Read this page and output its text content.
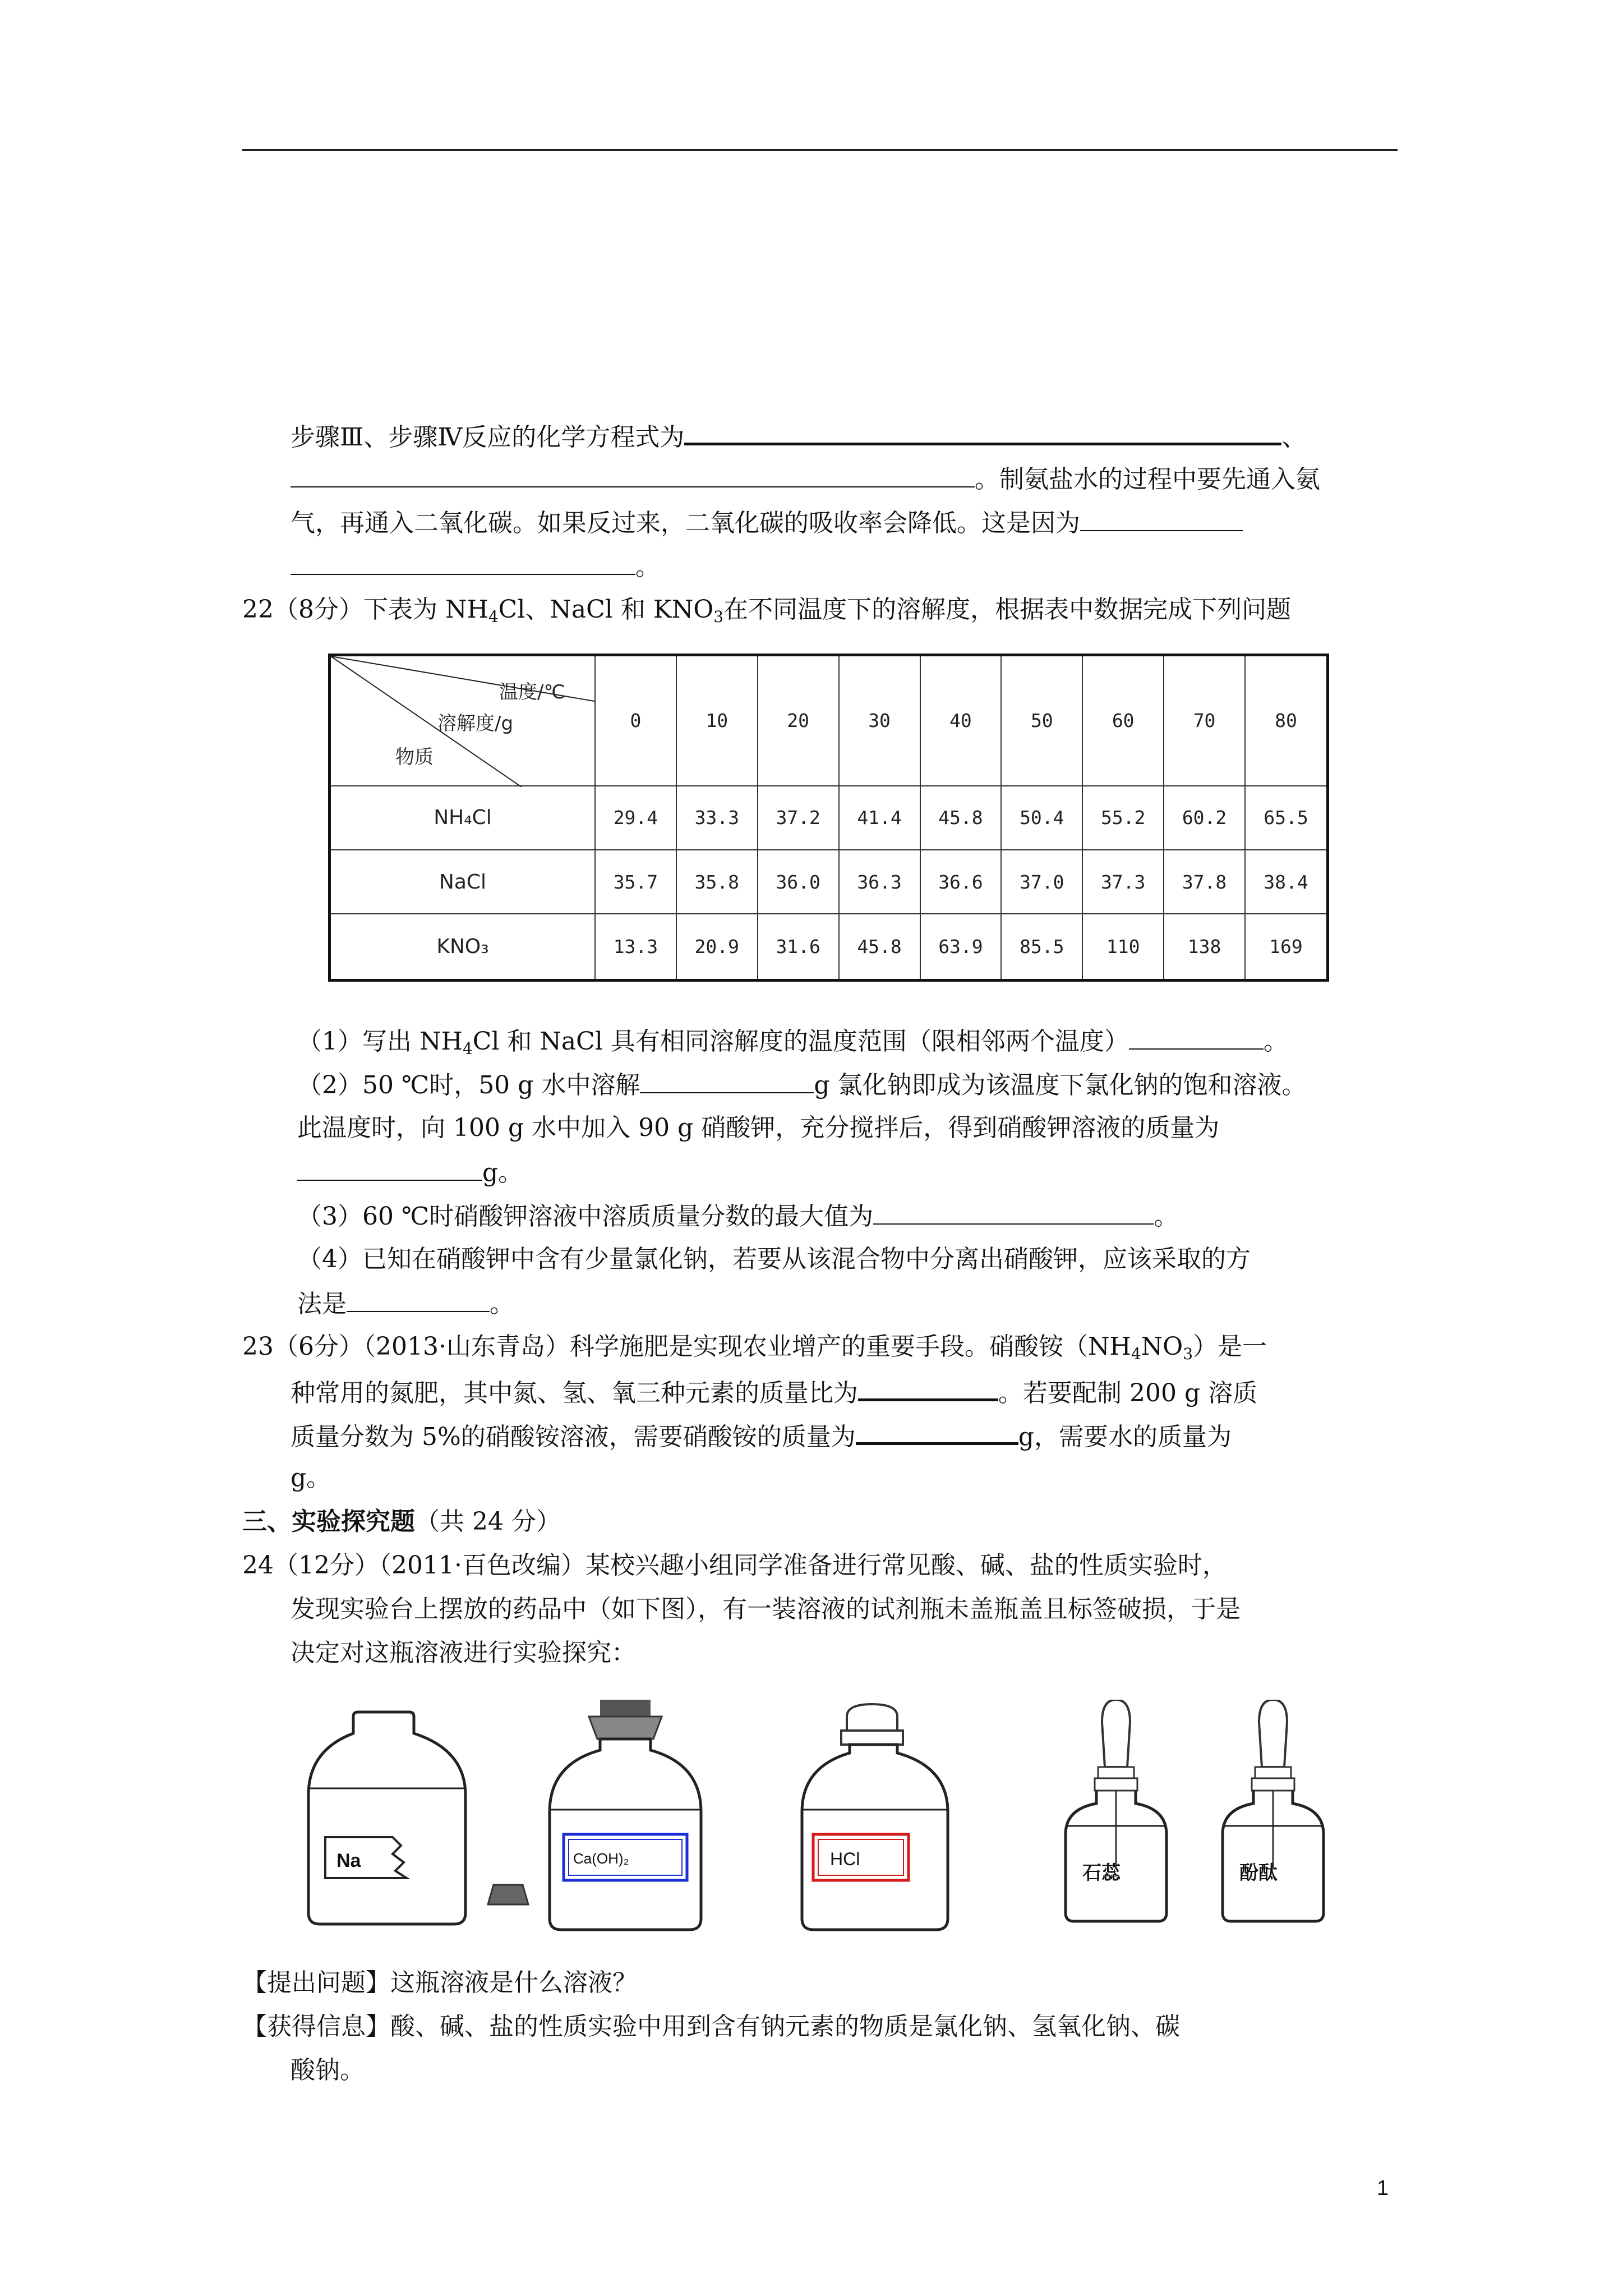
步骤Ⅲ、步骤Ⅳ反应的化学方程式为	、
。制氨盐水的过程中要先通入氨
气，再通入二氧化碳。如果反过来，二氧化碳的吸收率会降低。这是因为
。
22（8分）下表为 $NH_4Cl$、NaCl 和 $KNO_3$在不同温度下的溶解度，根据表中数据完成下列问题
温度/℃
溶解度/g
物质	0	10	20	30	40	50	60	70	80
NH₄Cl	29.4	33.3	37.2	41.4	45.8	50.4	55.2	60.2	65.5
NaCl	35.7	35.8	36.0	36.3	36.6	37.0	37.3	37.8	38.4
KNO₃	13.3	20.9	31.6	45.8	63.9	85.5	110	138	169
（1）写出 $NH_4Cl$ 和 NaCl 具有相同溶解度的温度范围（限相邻两个温度）	。
（2）50 ℃时，50 g 水中溶解	g 氯化钠即成为该温度下氯化钠的饱和溶液。
此温度时，向 100 g 水中加入 90 g 硝酸钾，充分搅拌后，得到硝酸钾溶液的质量为
g。
（3）60 ℃时硝酸钾溶液中溶质质量分数的最大值为	。
（4）已知在硝酸钾中含有少量氯化钠，若要从该混合物中分离出硝酸钾，应该采取的方
法是	。
23（6分）（2013·山东青岛）科学施肥是实现农业增产的重要手段。硝酸铵$(NH_4NO_3)$是一
种常用的氮肥，其中氮、氢、氧三种元素的质量比为	。若要配制 200 g 溶质
质量分数为 5%的硝酸铵溶液，需要硝酸铵的质量为	g，需要水的质量为
g。
三、实验探究题（共 24 分）
24（12分）（2011·百色改编）某校兴趣小组同学准备进行常见酸、碱、盐的性质实验时，
发现实验台上摆放的药品中（如下图），有一装溶液的试剂瓶未盖瓶盖且标签破损，于是
决定对这瓶溶液进行实验探究：
Na	Ca(OH)₂	HCl
石蕊	酚酞
【提出问题】这瓶溶液是什么溶液？
【获得信息】酸、碱、盐的性质实验中用到含有钠元素的物质是氯化钠、氢氧化钠、碳
酸钠。
1
